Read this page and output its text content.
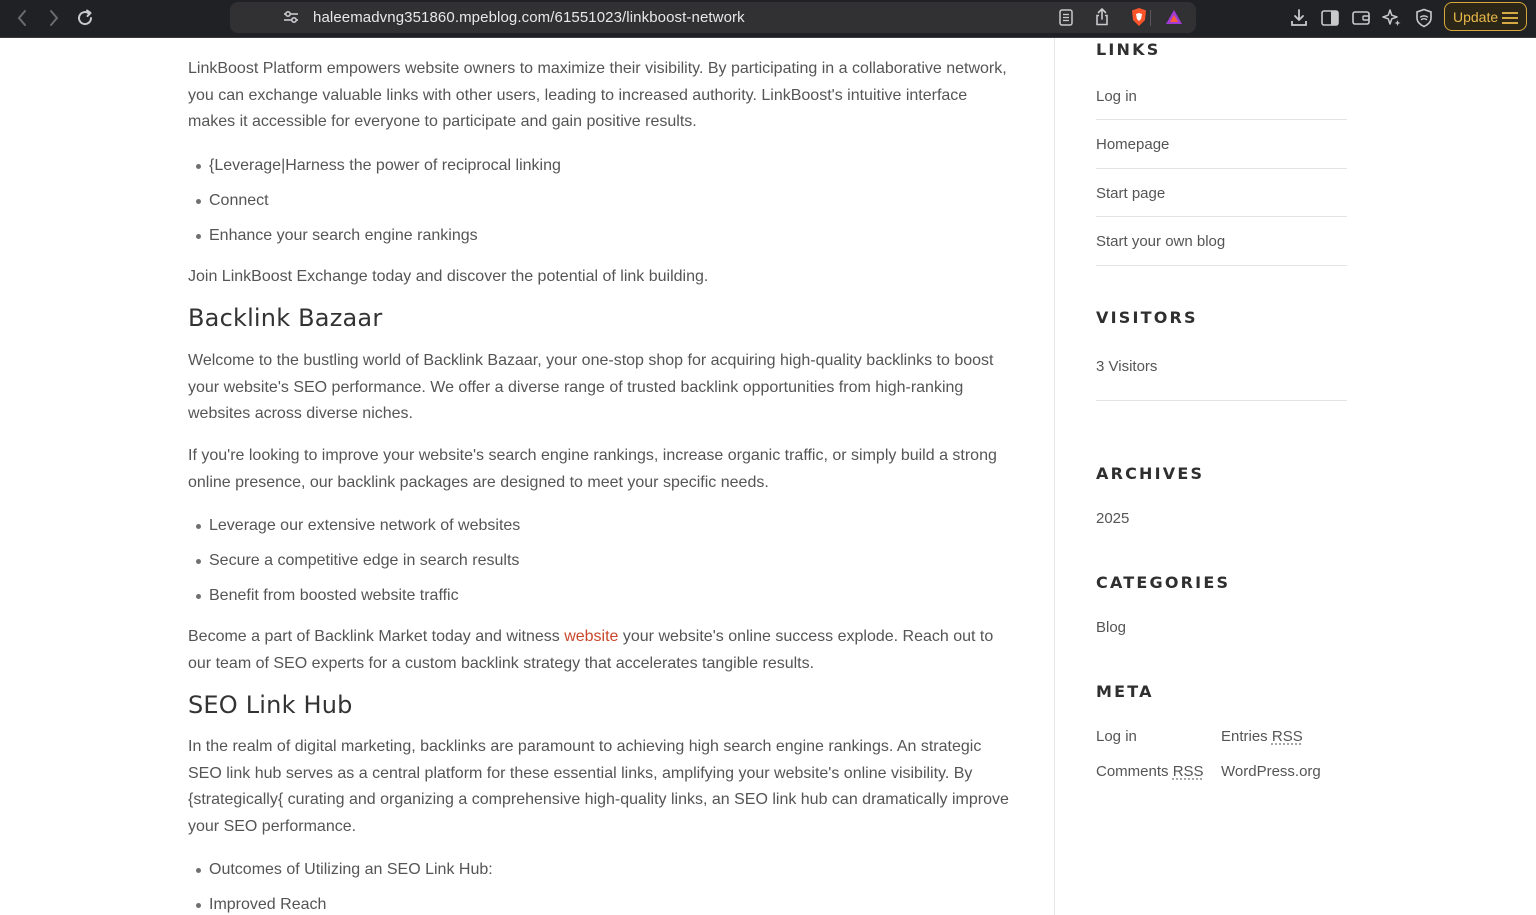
haleemadvng351860.mpeblog.com/61551023/linkboost-network	Update

LinkBoost Platform empowers website owners to maximize their visibility. By participating in a collaborative network, you can exchange valuable links with other users, leading to increased authority. LinkBoost's intuitive interface makes it accessible for everyone to participate and gain positive results.

{Leverage|Harness the power of reciprocal linking
Connect
Enhance your search engine rankings

Join LinkBoost Exchange today and discover the potential of link building.

Backlink Bazaar

Welcome to the bustling world of Backlink Bazaar, your one-stop shop for acquiring high-quality backlinks to boost your website's SEO performance. We offer a diverse range of trusted backlink opportunities from high-ranking websites across diverse niches.

If you're looking to improve your website's search engine rankings, increase organic traffic, or simply build a strong online presence, our backlink packages are designed to meet your specific needs.

Leverage our extensive network of websites
Secure a competitive edge in search results
Benefit from boosted website traffic

Become a part of Backlink Market today and witness website your website's online success explode. Reach out to our team of SEO experts for a custom backlink strategy that accelerates tangible results.

SEO Link Hub

In the realm of digital marketing, backlinks are paramount to achieving high search engine rankings. An strategic SEO link hub serves as a central platform for these essential links, amplifying your website's online visibility. By {strategically{ curating and organizing a comprehensive high-quality links, an SEO link hub can dramatically improve your SEO performance.

Outcomes of Utilizing an SEO Link Hub:
Improved Reach
LINKS
Log in
Homepage
Start page
Start your own blog
VISITORS
3 Visitors
ARCHIVES
2025
CATEGORIES
Blog
META
Log in	Entries RSS
Comments RSS WordPress.org
